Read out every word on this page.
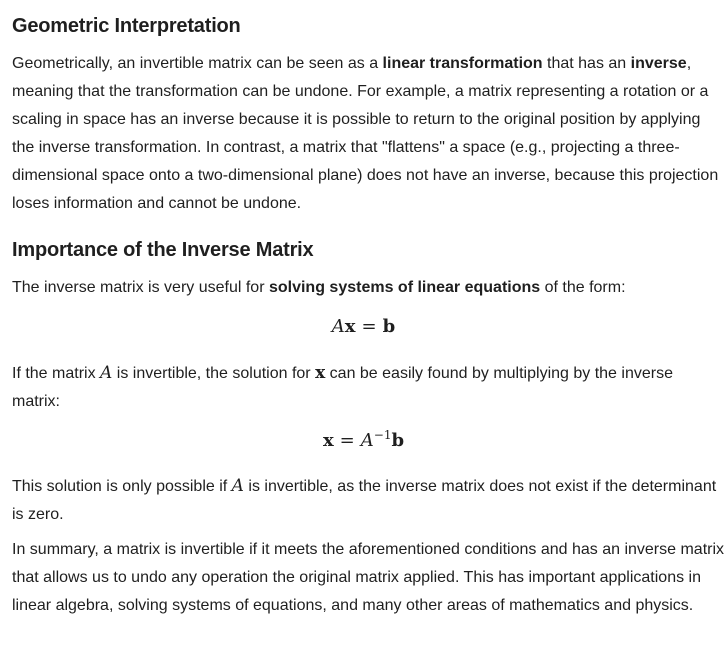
Geometric Interpretation

Geometrically, an invertible matrix can be seen as a linear transformation that has an inverse, meaning that the transformation can be undone. For example, a matrix representing a rotation or a scaling in space has an inverse because it is possible to return to the original position by applying the inverse transformation. In contrast, a matrix that "flattens" a space (e.g., projecting a three-dimensional space onto a two-dimensional plane) does not have an inverse, because this projection loses information and cannot be undone.

Importance of the Inverse Matrix

The inverse matrix is very useful for solving systems of linear equations of the form:

Ax = b

If the matrix A is invertible, the solution for x can be easily found by multiplying by the inverse matrix:

$x = A^{-1}b$

This solution is only possible if A is invertible, as the inverse matrix does not exist if the determinant is zero.

In summary, a matrix is invertible if it meets the aforementioned conditions and has an inverse matrix that allows us to undo any operation the original matrix applied. This has important applications in linear algebra, solving systems of equations, and many other areas of mathematics and physics.
